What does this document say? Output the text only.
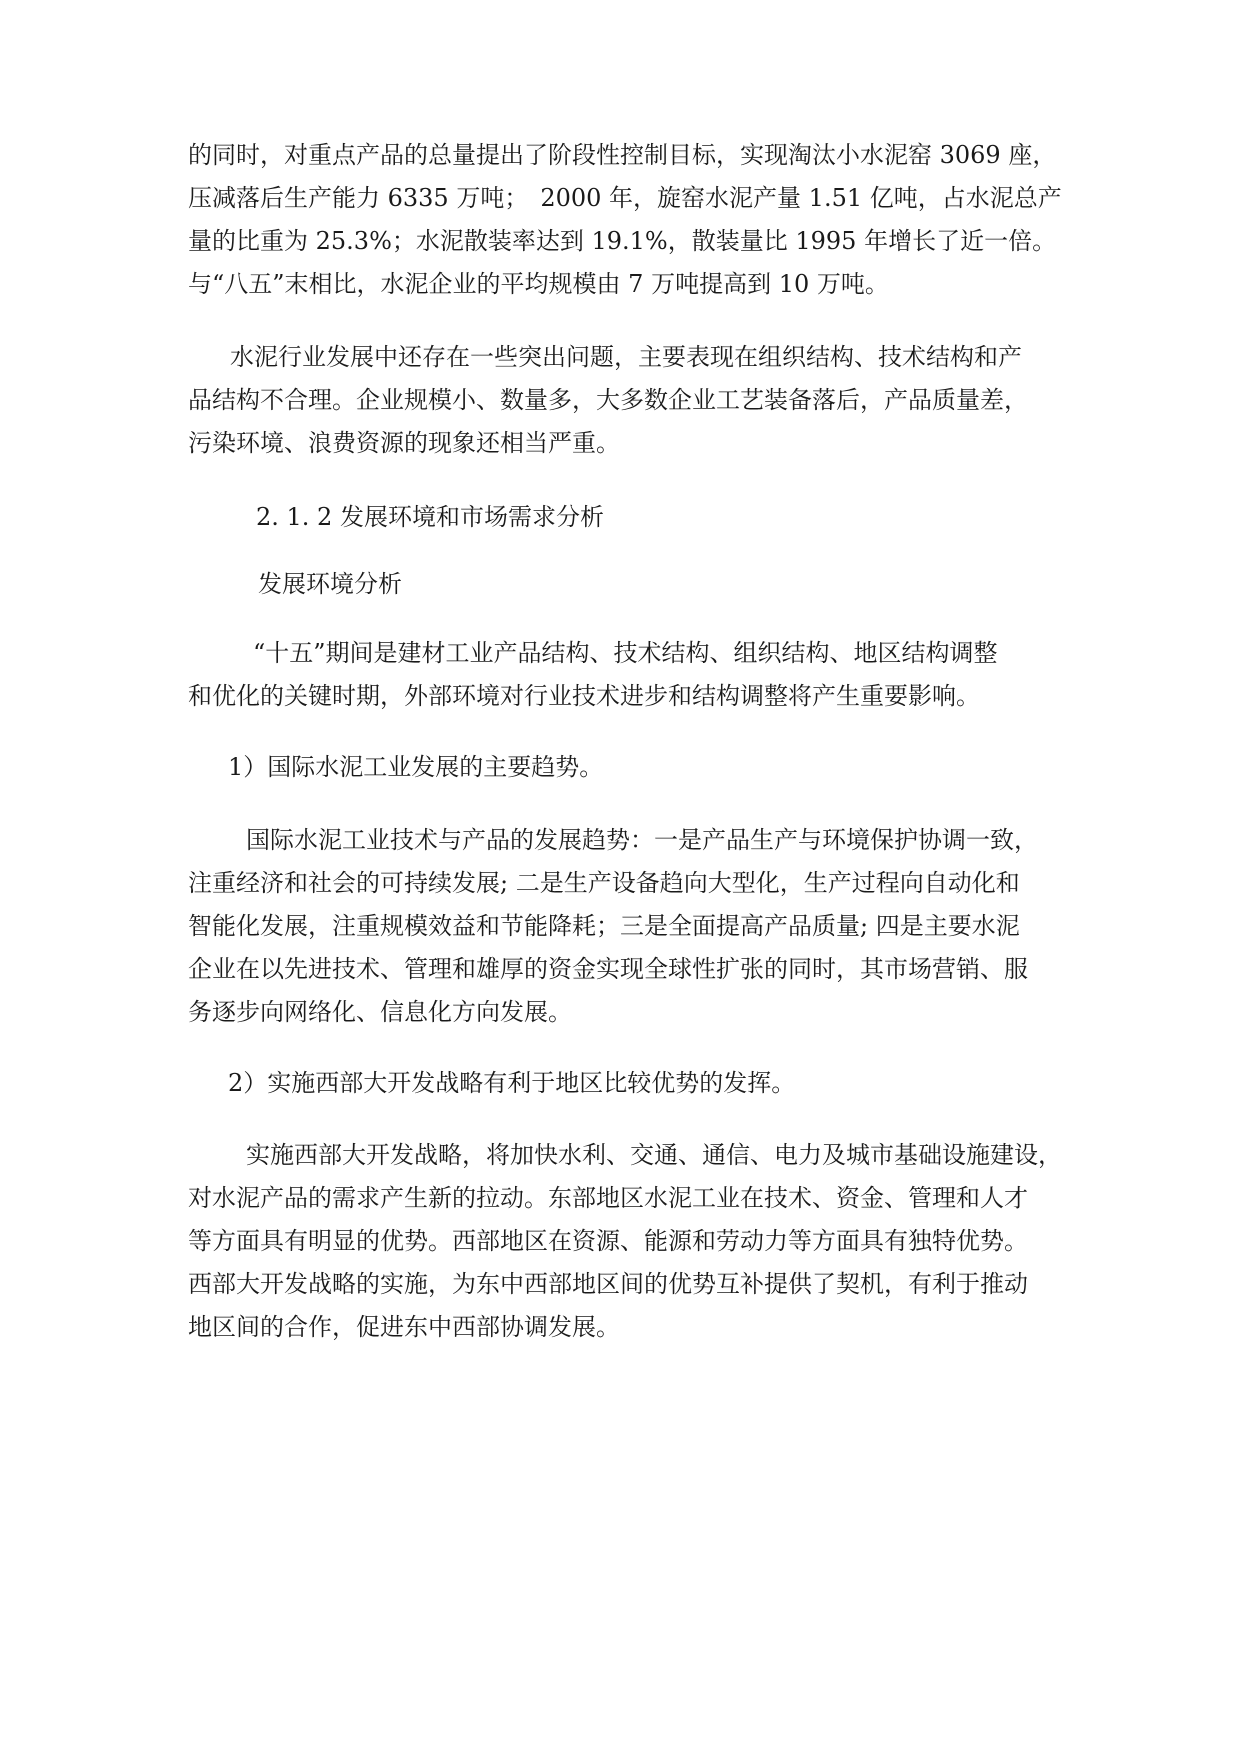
的同时，对重点产品的总量提出了阶段性控制目标，实现淘汰小水泥窑 3069 座，
压减落后生产能力 6335 万吨；　2000 年，旋窑水泥产量 1.51 亿吨，占水泥总产
量的比重为 25.3%；水泥散装率达到 19.1%，散装量比 1995 年增长了近一倍。
与“八五”末相比，水泥企业的平均规模由 7 万吨提高到 10 万吨。
水泥行业发展中还存在一些突出问题，主要表现在组织结构、技术结构和产
品结构不合理。企业规模小、数量多，大多数企业工艺装备落后，产品质量差，
污染环境、浪费资源的现象还相当严重。
2. 1. 2 发展环境和市场需求分析
发展环境分析
“十五”期间是建材工业产品结构、技术结构、组织结构、地区结构调整
和优化的关键时期，外部环境对行业技术进步和结构调整将产生重要影响。
1）国际水泥工业发展的主要趋势。
国际水泥工业技术与产品的发展趋势：一是产品生产与环境保护协调一致，
注重经济和社会的可持续发展; 二是生产设备趋向大型化，生产过程向自动化和
智能化发展，注重规模效益和节能降耗；三是全面提高产品质量; 四是主要水泥
企业在以先进技术、管理和雄厚的资金实现全球性扩张的同时，其市场营销、服
务逐步向网络化、信息化方向发展。
2）实施西部大开发战略有利于地区比较优势的发挥。
实施西部大开发战略，将加快水利、交通、通信、电力及城市基础设施建设，
对水泥产品的需求产生新的拉动。东部地区水泥工业在技术、资金、管理和人才
等方面具有明显的优势。西部地区在资源、能源和劳动力等方面具有独特优势。
西部大开发战略的实施，为东中西部地区间的优势互补提供了契机，有利于推动
地区间的合作，促进东中西部协调发展。
